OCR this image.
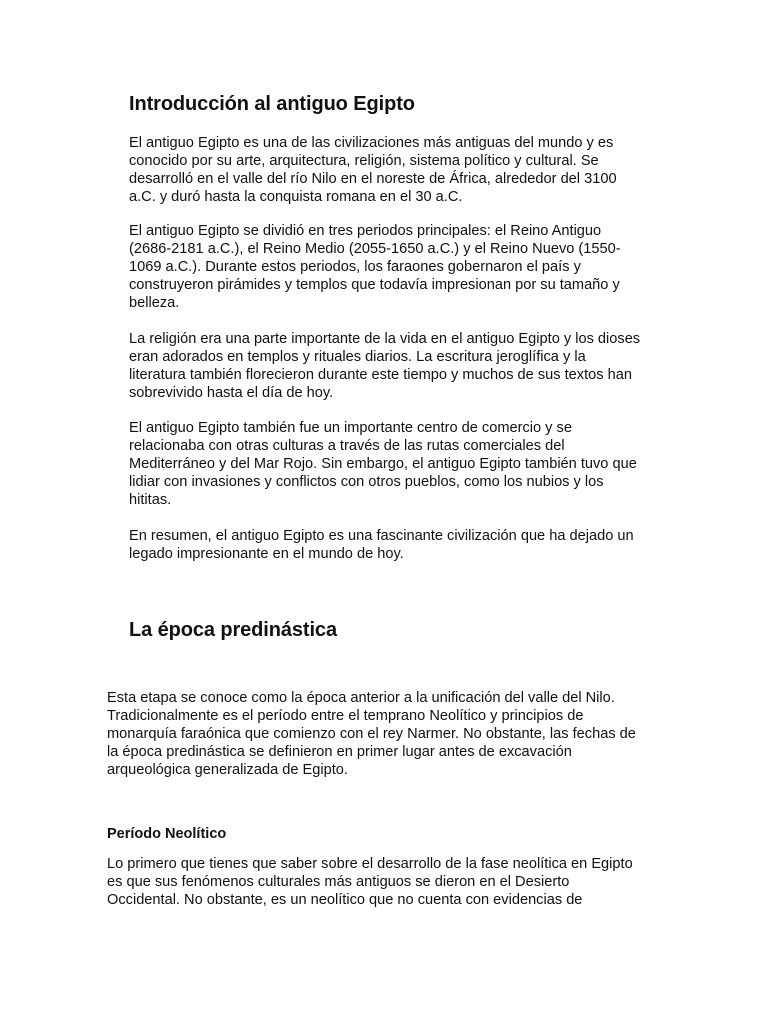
Introducción al antiguo Egipto

El antiguo Egipto es una de las civilizaciones más antiguas del mundo y es
conocido por su arte, arquitectura, religión, sistema político y cultural. Se
desarrolló en el valle del río Nilo en el noreste de África, alrededor del 3100
a.C. y duró hasta la conquista romana en el 30 a.C.

El antiguo Egipto se dividió en tres periodos principales: el Reino Antiguo
(2686-2181 a.C.), el Reino Medio (2055-1650 a.C.) y el Reino Nuevo (1550-
1069 a.C.). Durante estos periodos, los faraones gobernaron el país y
construyeron pirámides y templos que todavía impresionan por su tamaño y
belleza.

La religión era una parte importante de la vida en el antiguo Egipto y los dioses
eran adorados en templos y rituales diarios. La escritura jeroglífica y la
literatura también florecieron durante este tiempo y muchos de sus textos han
sobrevivido hasta el día de hoy.

El antiguo Egipto también fue un importante centro de comercio y se
relacionaba con otras culturas a través de las rutas comerciales del
Mediterráneo y del Mar Rojo. Sin embargo, el antiguo Egipto también tuvo que
lidiar con invasiones y conflictos con otros pueblos, como los nubios y los
hititas.

En resumen, el antiguo Egipto es una fascinante civilización que ha dejado un
legado impresionante en el mundo de hoy.

La época predinástica

Esta etapa se conoce como la época anterior a la unificación del valle del Nilo.
Tradicionalmente es el período entre el temprano Neolítico y principios de
monarquía faraónica que comienzo con el rey Narmer. No obstante, las fechas de
la época predinástica se definieron en primer lugar antes de excavación
arqueológica generalizada de Egipto.

Período Neolítico

Lo primero que tienes que saber sobre el desarrollo de la fase neolítica en Egipto
es que sus fenómenos culturales más antiguos se dieron en el Desierto
Occidental. No obstante, es un neolítico que no cuenta con evidencias de
